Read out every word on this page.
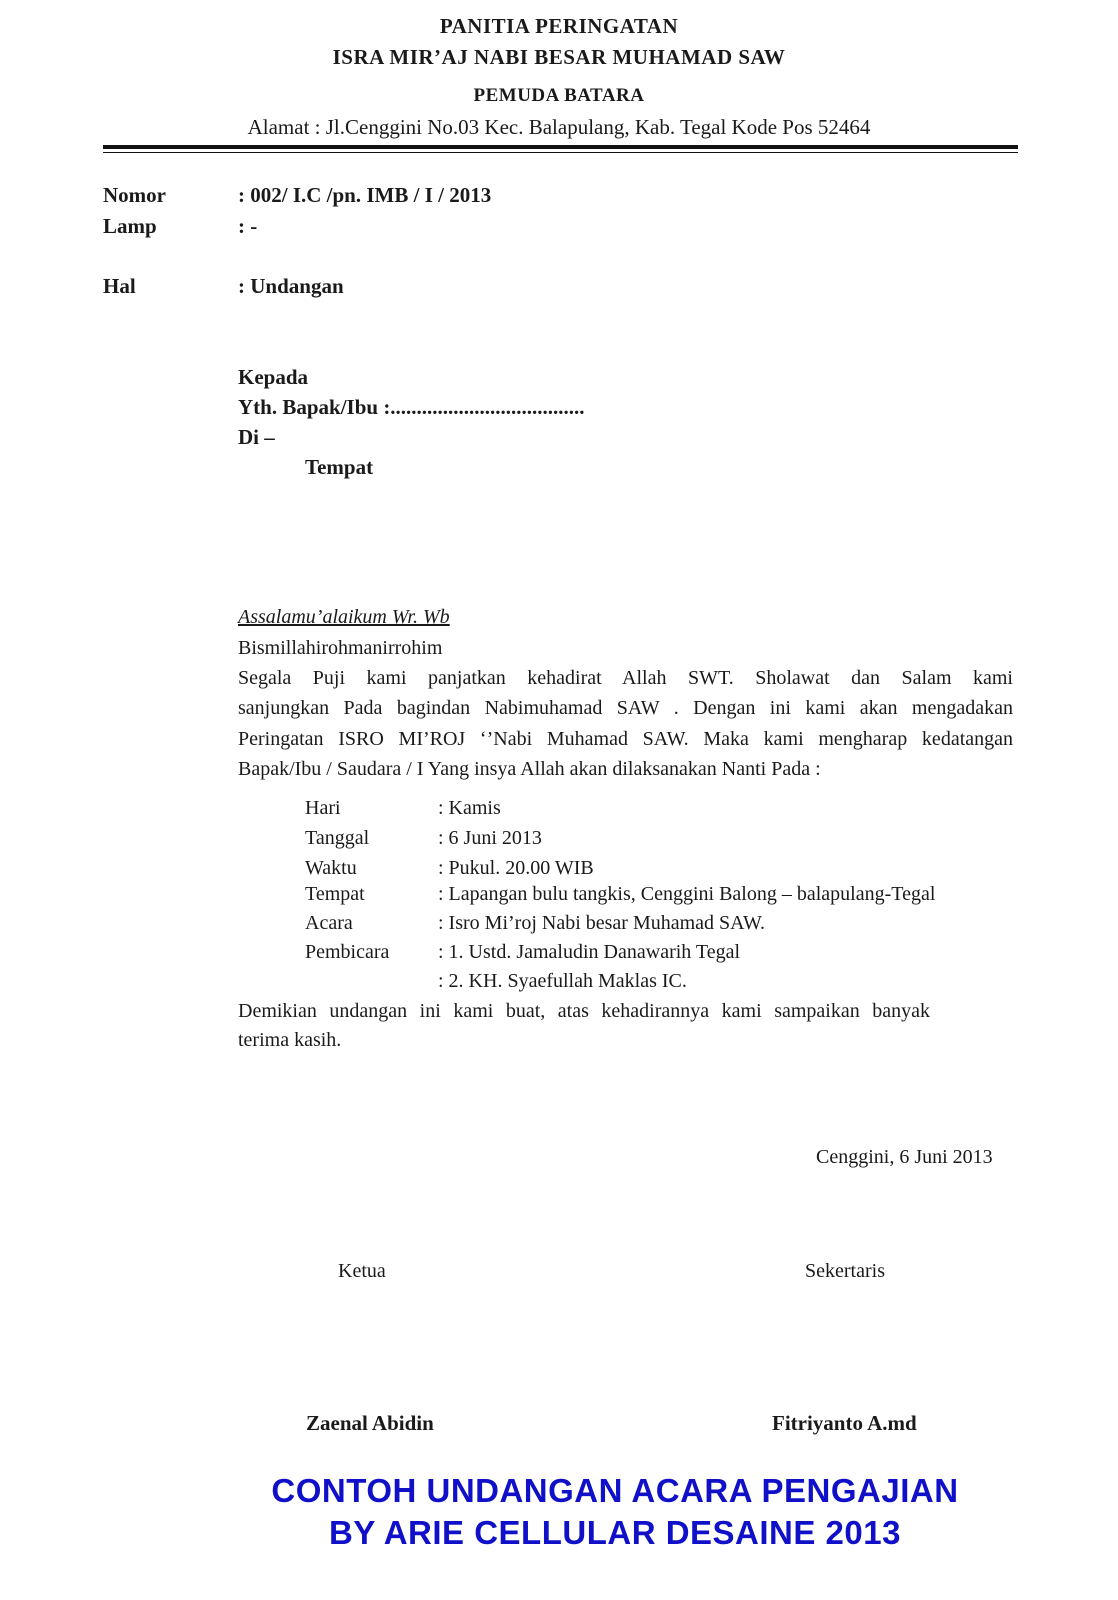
PANITIA PERINGATAN
ISRA MIR’AJ NABI BESAR MUHAMAD SAW
PEMUDA BATARA
Alamat : Jl.Cenggini No.03 Kec. Balapulang, Kab. Tegal Kode Pos 52464
Nomor	: 002/ I.C /pn. IMB / I / 2013
Lamp	: -
Hal	: Undangan
Kepada
Yth. Bapak/Ibu :.....................................
Di –
Tempat
Assalamu’alaikum Wr. Wb
Bismillahirohmanirrohim
Segala Puji kami panjatkan kehadirat Allah SWT. Sholawat dan Salam kami
sanjungkan Pada bagindan Nabimuhamad SAW . Dengan ini kami akan mengadakan
Peringatan ISRO MI’ROJ ‘’Nabi Muhamad SAW. Maka kami mengharap kedatangan
Bapak/Ibu / Saudara / I Yang insya Allah akan dilaksanakan Nanti Pada :
Hari	: Kamis
Tanggal	: 6 Juni 2013
Waktu	: Pukul. 20.00 WIB
Tempat	: Lapangan bulu tangkis, Cenggini Balong – balapulang-Tegal
Acara	: Isro Mi’roj Nabi besar Muhamad SAW.
Pembicara : 1. Ustd. Jamaludin Danawarih Tegal
: 2. KH. Syaefullah Maklas IC.
Demikian undangan ini kami buat, atas kehadirannya kami sampaikan banyak
terima kasih.
Cenggini, 6 Juni 2013
Ketua	Sekertaris
Zaenal Abidin	Fitriyanto A.md
CONTOH UNDANGAN ACARA PENGAJIAN
BY ARIE CELLULAR DESAINE 2013
